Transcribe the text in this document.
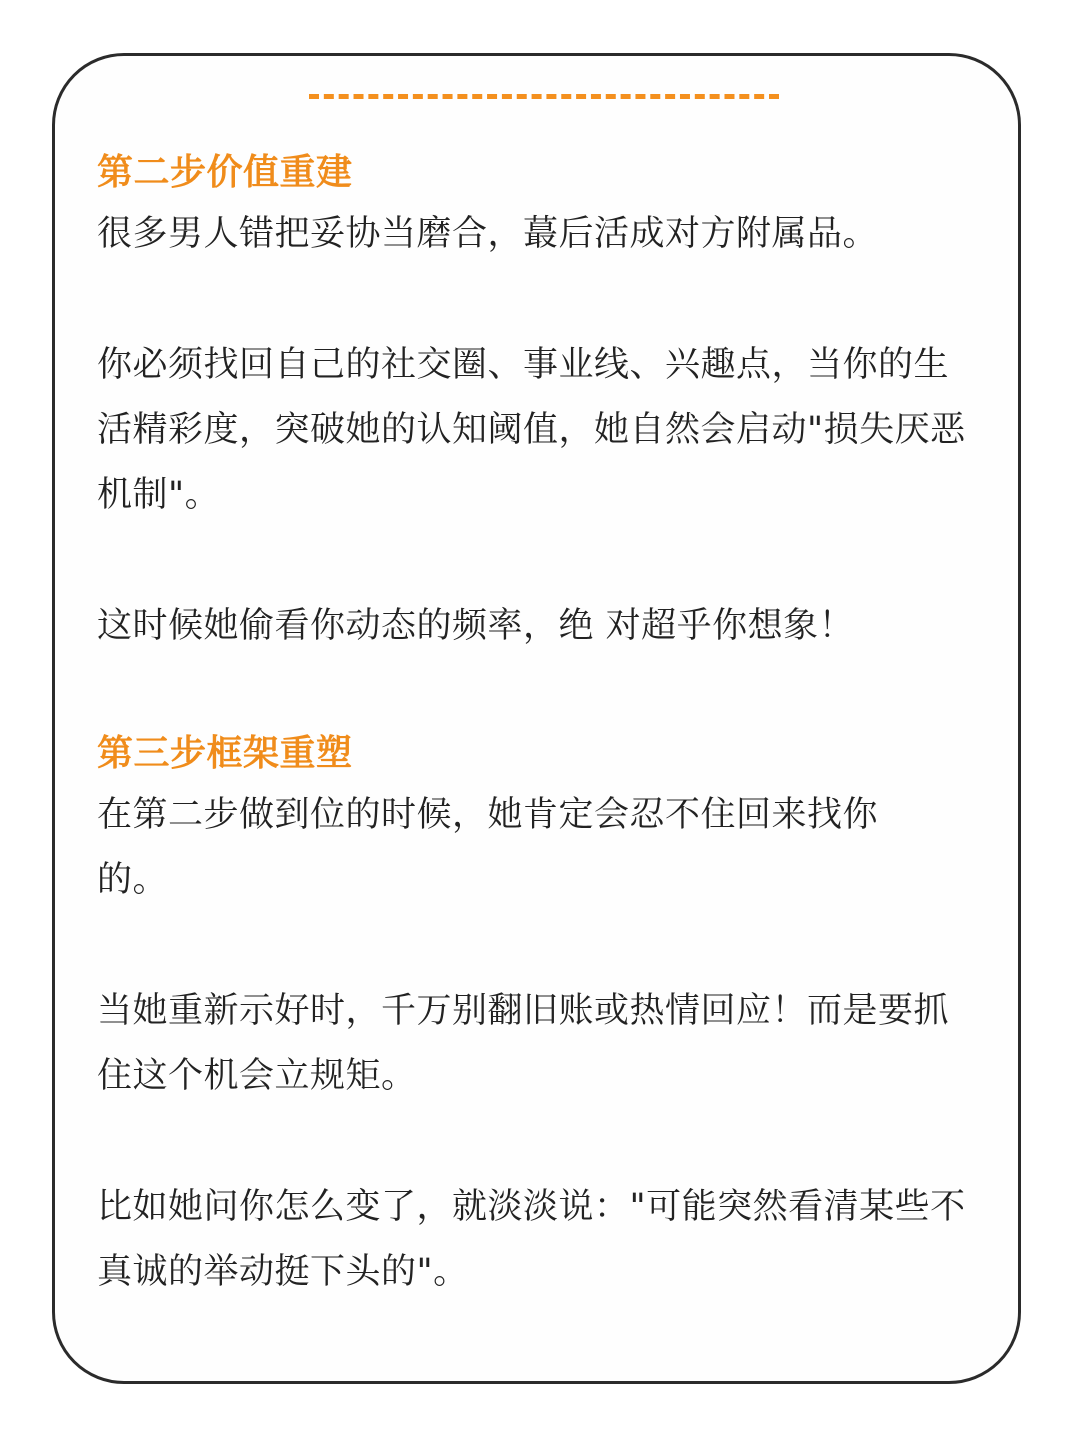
第二步价值重建

很多男人错把妥协当磨合，蕞后活成对方附属品。

你必须找回自己的社交圈、事业线、兴趣点，当你的生活精彩度，突破她的认知阈值，她自然会启动"损失厌恶机制"。

这时候她偷看你动态的频率，绝 对超乎你想象！

第三步框架重塑

在第二步做到位的时候，她肯定会忍不住回来找你的。

当她重新示好时，千万别翻旧账或热情回应！而是要抓住这个机会立规矩。

比如她问你怎么变了，就淡淡说："可能突然看清某些不真诚的举动挺下头的"。
